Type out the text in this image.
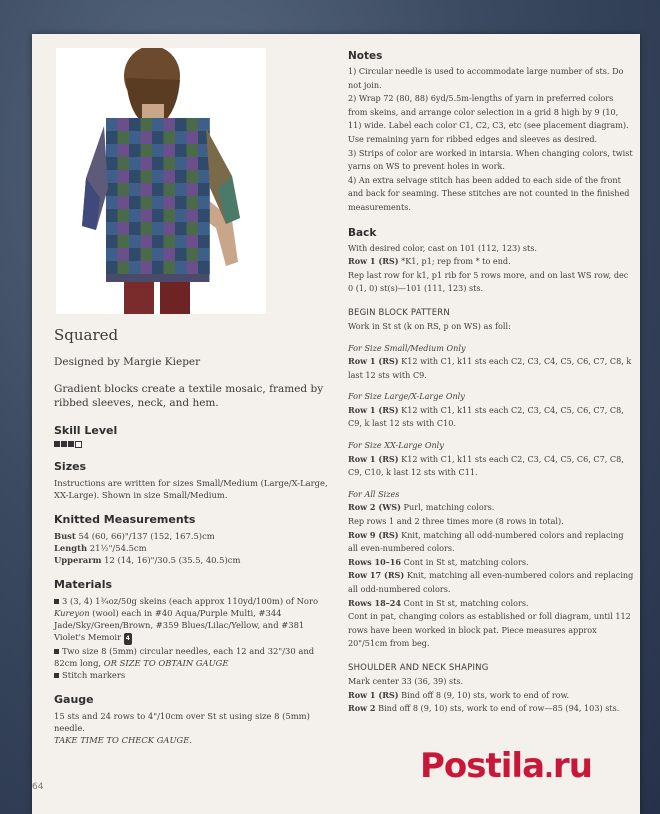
Squared
Designed by Margie Kieper
Gradient blocks create a textile mosaic, framed by ribbed sleeves, neck, and hem.
Skill Level
Sizes

Instructions are written for sizes Small/Medium (Large/X-Large, XX-Large). Shown in size Small/Medium.

Knitted Measurements

Bust 54 (60, 66)"/137 (152, 167.5)cm

Length 21½"/54.5cm

Upperarm 12 (14, 16)"/30.5 (35.5, 40.5)cm

Materials

3 (3, 4) 1¾oz/50g skeins (each approx 110yd/100m) of Noro Kureyon (wool) each in #40 Aqua/Purple Multi, #344 Jade/Sky/Green/Brown, #359 Blues/Lilac/Yellow, and #381 Violet's Memoir 4

Two size 8 (5mm) circular needles, each 12 and 32"/30 and 82cm long, OR SIZE TO OBTAIN GAUGE

Stitch markers

Gauge

15 sts and 24 rows to 4"/10cm over St st using size 8 (5mm) needle.

TAKE TIME TO CHECK GAUGE.

Notes

1) Circular needle is used to accommodate large number of sts. Do not join.

2) Wrap 72 (80, 88) 6yd/5.5m-lengths of yarn in preferred colors from skeins, and arrange color selection in a grid 8 high by 9 (10, 11) wide. Label each color C1, C2, C3, etc (see placement diagram). Use remaining yarn for ribbed edges and sleeves as desired.

3) Strips of color are worked in intarsia. When changing colors, twist yarns on WS to prevent holes in work.

4) An extra selvage stitch has been added to each side of the front and back for seaming. These stitches are not counted in the finished measurements.

Back

With desired color, cast on 101 (112, 123) sts.

Row 1 (RS) *K1, p1; rep from * to end.

Rep last row for k1, p1 rib for 5 rows more, and on last WS row, dec 0 (1, 0) st(s)—101 (111, 123) sts.

BEGIN BLOCK PATTERN

Work in St st (k on RS, p on WS) as foll:

For Size Small/Medium Only

Row 1 (RS) K12 with C1, k11 sts each C2, C3, C4, C5, C6, C7, C8, k last 12 sts with C9.

For Size Large/X-Large Only

Row 1 (RS) K12 with C1, k11 sts each C2, C3, C4, C5, C6, C7, C8, C9, k last 12 sts with C10.

For Size XX-Large Only

Row 1 (RS) K12 with C1, k11 sts each C2, C3, C4, C5, C6, C7, C8, C9, C10, k last 12 sts with C11.

For All Sizes

Row 2 (WS) Purl, matching colors.

Rep rows 1 and 2 three times more (8 rows in total).

Row 9 (RS) Knit, matching all odd-numbered colors and replacing all even-numbered colors.

Rows 10–16 Cont in St st, matching colors.

Row 17 (RS) Knit, matching all even-numbered colors and replacing all odd-numbered colors.

Rows 18–24 Cont in St st, matching colors.

Cont in pat, changing colors as established or foll diagram, until 112 rows have been worked in block pat. Piece measures approx 20"/51cm from beg.

SHOULDER AND NECK SHAPING

Mark center 33 (36, 39) sts.

Row 1 (RS) Bind off 8 (9, 10) sts, work to end of row.

Row 2 Bind off 8 (9, 10) sts, work to end of row—85 (94, 103) sts.

64
Postila.ru
